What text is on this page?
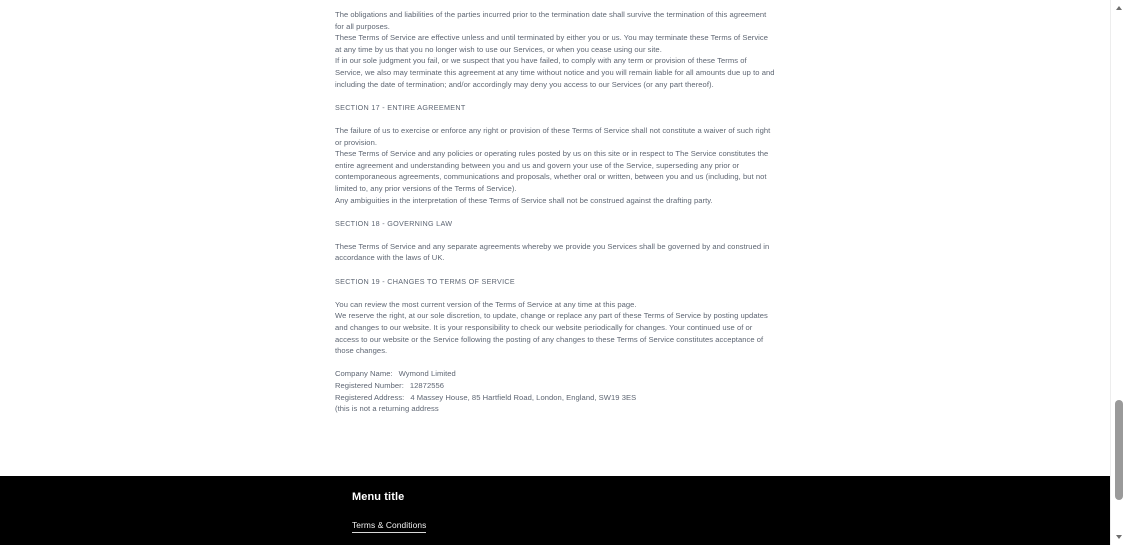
The obligations and liabilities of the parties incurred prior to the termination date shall survive the termination of this agreement for all purposes.

These Terms of Service are effective unless and until terminated by either you or us. You may terminate these Terms of Service at any time by us that you no longer wish to use our Services, or when you cease using our site.

If in our sole judgment you fail, or we suspect that you have failed, to comply with any term or provision of these Terms of Service, we also may terminate this agreement at any time without notice and you will remain liable for all amounts due up to and including the date of termination; and/or accordingly may deny you access to our Services (or any part thereof).

SECTION 17 - ENTIRE AGREEMENT

The failure of us to exercise or enforce any right or provision of these Terms of Service shall not constitute a waiver of such right or provision.

These Terms of Service and any policies or operating rules posted by us on this site or in respect to The Service constitutes the entire agreement and understanding between you and us and govern your use of the Service, superseding any prior or contemporaneous agreements, communications and proposals, whether oral or written, between you and us (including, but not limited to, any prior versions of the Terms of Service).

Any ambiguities in the interpretation of these Terms of Service shall not be construed against the drafting party.

SECTION 18 - GOVERNING LAW

These Terms of Service and any separate agreements whereby we provide you Services shall be governed by and construed in accordance with the laws of UK.

SECTION 19 - CHANGES TO TERMS OF SERVICE

You can review the most current version of the Terms of Service at any time at this page.

We reserve the right, at our sole discretion, to update, change or replace any part of these Terms of Service by posting updates and changes to our website. It is your responsibility to check our website periodically for changes. Your continued use of or access to our website or the Service following the posting of any changes to these Terms of Service constitutes acceptance of those changes.

Company Name: Wymond Limited

Registered Number: 12872556

Registered Address: 4 Massey House, 85 Hartfield Road, London, England, SW19 3ES

(this is not a returning address

Menu title

Terms & Conditions
